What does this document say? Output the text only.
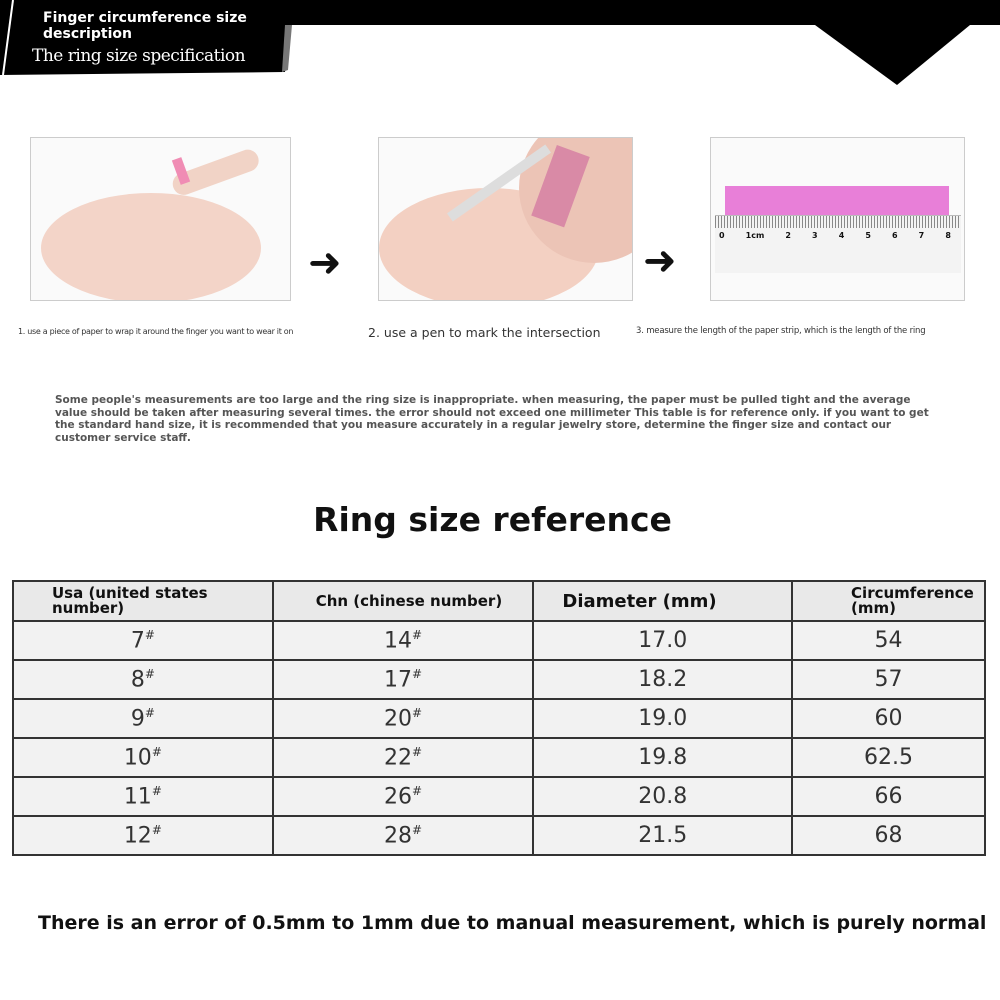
Finger circumference size description
The ring size specification
➜	➜
0	1cm	2	3	4	5	6	7	8
1. use a piece of paper to wrap it around the finger you want to wear it on	2. use a pen to mark the intersection	3. measure the length of the paper strip, which is the length of the ring
Some people's measurements are too large and the ring size is inappropriate. when measuring, the paper must be pulled tight and the average value should be taken after measuring several times. the error should not exceed one millimeter This table is for reference only. if you want to get the standard hand size, it is recommended that you measure accurately in a regular jewelry store, determine the finger size and contact our customer service staff.
Ring size reference
Usa (united states number)	Chn (chinese number)	Diameter (mm)	Circumference (mm)
7#	14#	17.0	54
8#	17#	18.2	57
9#	20#	19.0	60
10#	22#	19.8	62.5
11#	26#	20.8	66
12#	28#	21.5	68
There is an error of 0.5mm to 1mm due to manual measurement, which is purely normal
